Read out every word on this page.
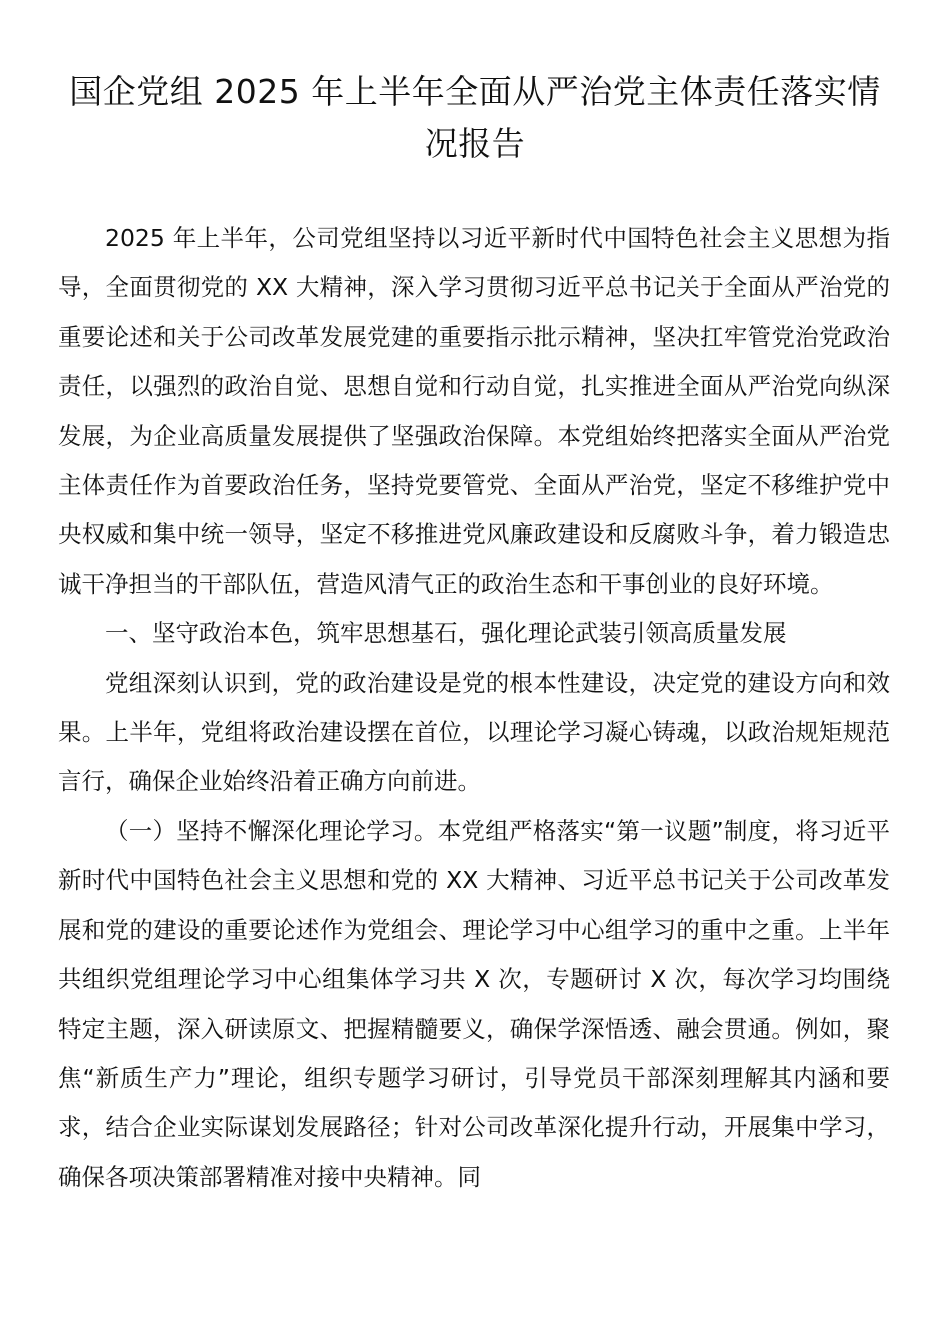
国企党组 2025 年上半年全面从严治党主体责任落实情况报告

2025 年上半年，公司党组坚持以习近平新时代中国特色社会主义思想为指导，全面贯彻党的 XX 大精神，深入学习贯彻习近平总书记关于全面从严治党的重要论述和关于公司改革发展党建的重要指示批示精神，坚决扛牢管党治党政治责任，以强烈的政治自觉、思想自觉和行动自觉，扎实推进全面从严治党向纵深发展，为企业高质量发展提供了坚强政治保障。本党组始终把落实全面从严治党主体责任作为首要政治任务，坚持党要管党、全面从严治党，坚定不移维护党中央权威和集中统一领导，坚定不移推进党风廉政建设和反腐败斗争，着力锻造忠诚干净担当的干部队伍，营造风清气正的政治生态和干事创业的良好环境。

一、坚守政治本色，筑牢思想基石，强化理论武装引领高质量发展

党组深刻认识到，党的政治建设是党的根本性建设，决定党的建设方向和效果。上半年，党组将政治建设摆在首位，以理论学习凝心铸魂，以政治规矩规范言行，确保企业始终沿着正确方向前进。

（一）坚持不懈深化理论学习。本党组严格落实“第一议题”制度，将习近平新时代中国特色社会主义思想和党的 XX 大精神、习近平总书记关于公司改革发展和党的建设的重要论述作为党组会、理论学习中心组学习的重中之重。上半年共组织党组理论学习中心组集体学习共 X 次，专题研讨 X 次，每次学习均围绕特定主题，深入研读原文、把握精髓要义，确保学深悟透、融会贯通。例如，聚焦“新质生产力”理论，组织专题学习研讨，引导党员干部深刻理解其内涵和要求，结合企业实际谋划发展路径；针对公司改革深化提升行动，开展集中学习，确保各项决策部署精准对接中央精神。同
